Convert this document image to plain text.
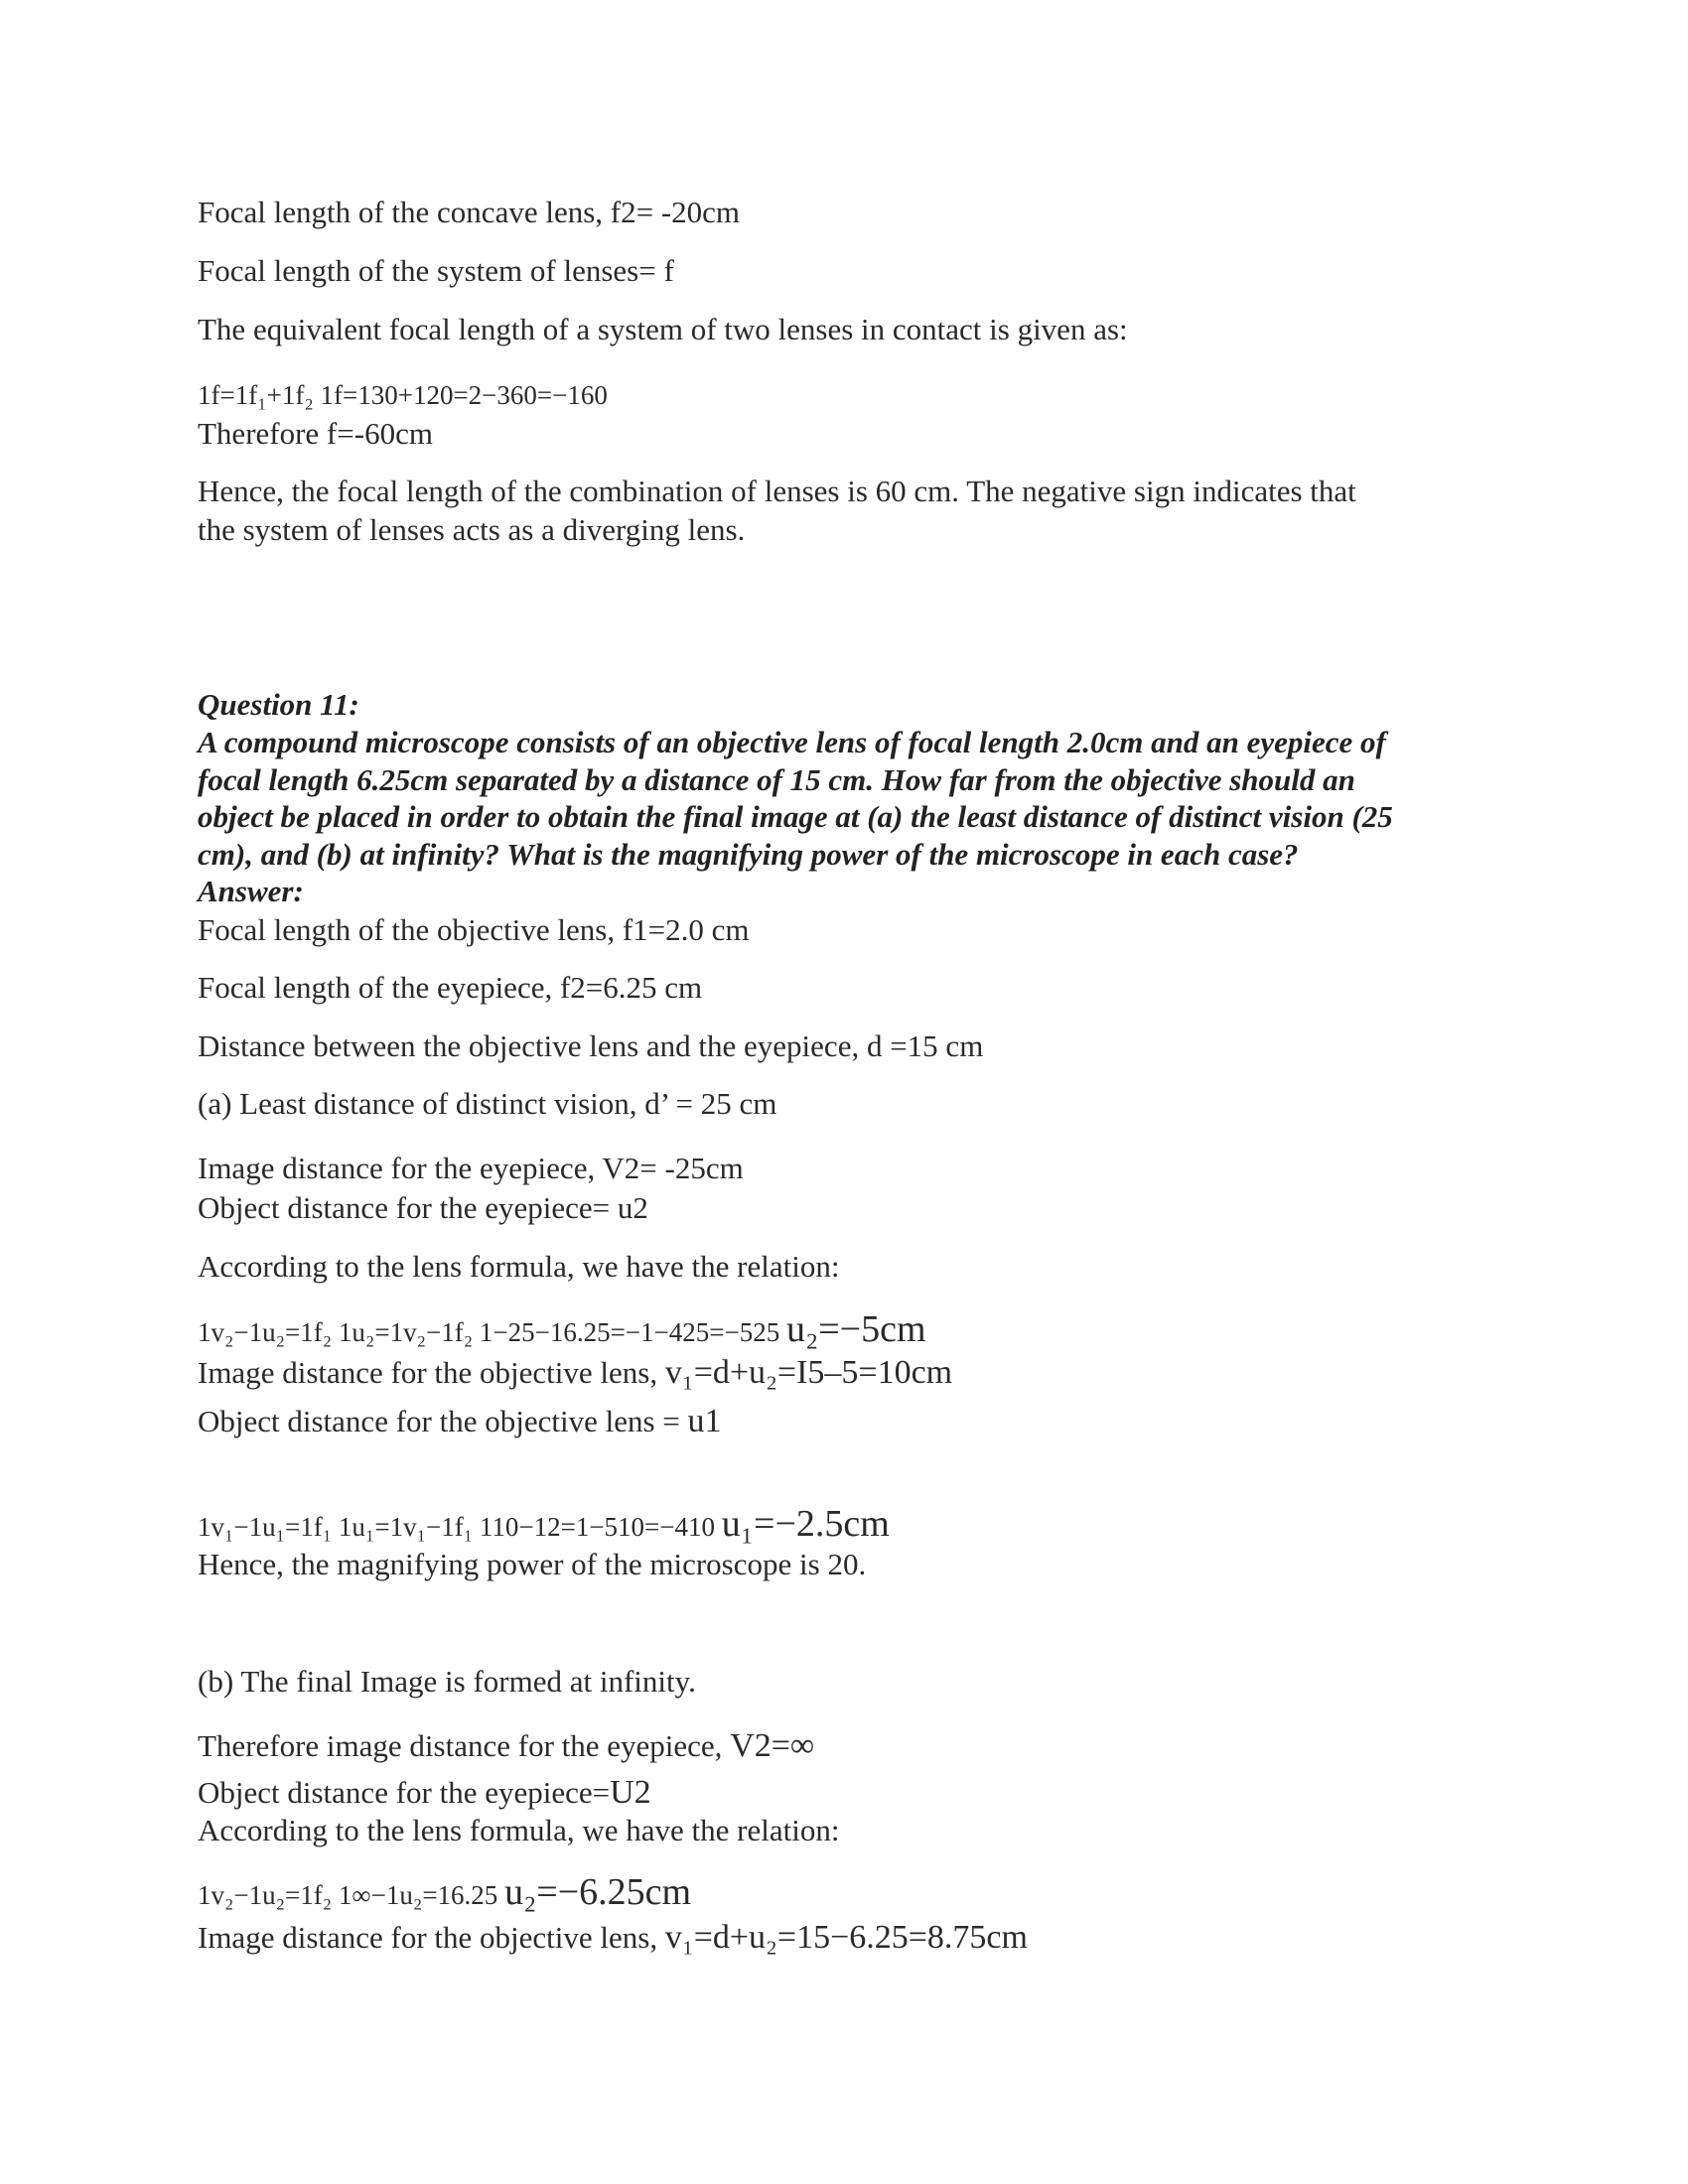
Focal length of the concave lens, f2= -20cm
Focal length of the system of lenses= f
The equivalent focal length of a system of two lenses in contact is given as:
1f=1f₁+1f₂ 1f=130+120=2−360=−160
Therefore f=-60cm
Hence, the focal length of the combination of lenses is 60 cm. The negative sign indicates that
the system of lenses acts as a diverging lens.
Question 11:
A compound microscope consists of an objective lens of focal length 2.0cm and an eyepiece of
focal length 6.25cm separated by a distance of 15 cm. How far from the objective should an
object be placed in order to obtain the final image at (a) the least distance of distinct vision (25
cm), and (b) at infinity? What is the magnifying power of the microscope in each case?
Answer:
Focal length of the objective lens, f1=2.0 cm
Focal length of the eyepiece, f2=6.25 cm
Distance between the objective lens and the eyepiece, d =15 cm
(a) Least distance of distinct vision, d’ = 25 cm
Image distance for the eyepiece, V2= -25cm
Object distance for the eyepiece= u2
According to the lens formula, we have the relation:
1v₂−1u₂=1f₂ 1u₂=1v₂−1f₂ 1−25−16.25=−1−425=−525 u₂=−5cm
Image distance for the objective lens, v₁=d+u₂=I5–5=10cm
Object distance for the objective lens = u1
1v₁−1u₁=1f₁ 1u₁=1v₁−1f₁ 110−12=1−510=−410 u₁=−2.5cm
Hence, the magnifying power of the microscope is 20.
(b) The final Image is formed at infinity.
Therefore image distance for the eyepiece, V2=∞
Object distance for the eyepiece=U2
According to the lens formula, we have the relation:
1v₂−1u₂=1f₂ 1∞−1u₂=16.25 u₂=−6.25cm
Image distance for the objective lens, v₁=d+u₂=15−6.25=8.75cm
